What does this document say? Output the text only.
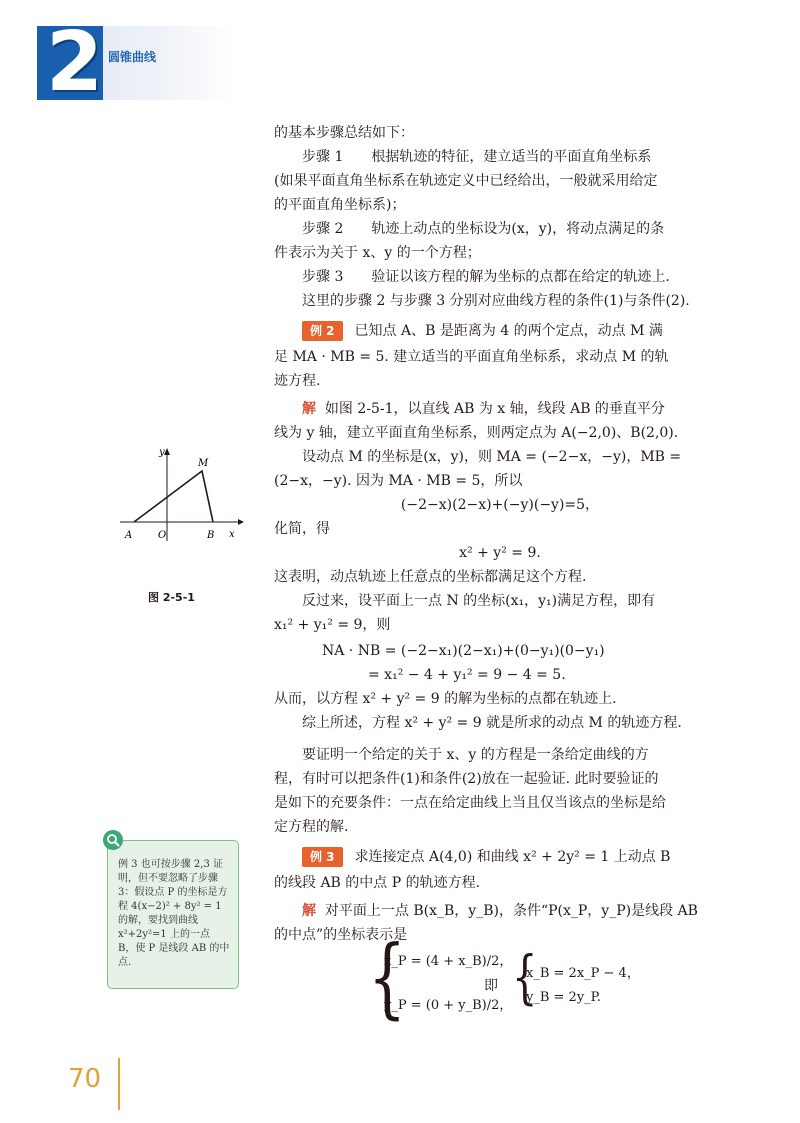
2 圆锥曲线
的基本步骤总结如下：
步骤 1　　根据轨迹的特征，建立适当的平面直角坐标系
(如果平面直角坐标系在轨迹定义中已经给出，一般就采用给定
的平面直角坐标系)；
步骤 2　　轨迹上动点的坐标设为(x，y)，将动点满足的条
件表示为关于 x、y 的一个方程；
步骤 3　　验证以该方程的解为坐标的点都在给定的轨迹上.
这里的步骤 2 与步骤 3 分别对应曲线方程的条件(1)与条件(2).
例 2 已知点 A、B 是距离为 4 的两个定点，动点 M 满
足 MA · MB = 5. 建立适当的平面直角坐标系，求动点 M 的轨
迹方程.
解 如图 2-5-1，以直线 AB 为 x 轴，线段 AB 的垂直平分
线为 y 轴，建立平面直角坐标系，则两定点为 A(−2,0)、B(2,0).
设动点 M 的坐标是(x，y)，则 MA = (−2−x，−y)，MB =
(2−x，−y). 因为 MA · MB = 5，所以
(−2−x)(2−x)+(−y)(−y)=5，
化简，得
x² + y² = 9.
这表明，动点轨迹上任意点的坐标都满足这个方程.
反过来，设平面上一点 N 的坐标(x₁，y₁)满足方程，即有
x₁² + y₁² = 9，则
NA · NB = (−2−x₁)(2−x₁)+(0−y₁)(0−y₁)
= x₁² − 4 + y₁² = 9 − 4 = 5.
从而，以方程 x² + y² = 9 的解为坐标的点都在轨迹上.
综上所述，方程 x² + y² = 9 就是所求的动点 M 的轨迹方程.
要证明一个给定的关于 x、y 的方程是一条给定曲线的方
程，有时可以把条件(1)和条件(2)放在一起验证. 此时要验证的
是如下的充要条件：一点在给定曲线上当且仅当该点的坐标是给
定方程的解.
例 3 求连接定点 A(4,0) 和曲线 x² + 2y² = 1 上动点 B
的线段 AB 的中点 P 的轨迹方程.
解 对平面上一点 B(x_B，y_B)，条件“P(x_P，y_P)是线段 AB
的中点”的坐标表示是
{
x_P = (4 + x_B)/2，
y_P = (0 + y_B)/2，
即 {
x_B = 2x_P − 4，
y_B = 2y_P.
y
x
M
A	O	B
图 2-5-1
例 3 也可按步骤 2,3 证明，但不要忽略了步骤 3：假设点 P 的坐标是方程 4(x−2)² + 8y² = 1 的解，要找到曲线 x²+2y²=1 上的一点 B，使 P 是线段 AB 的中点.
70
